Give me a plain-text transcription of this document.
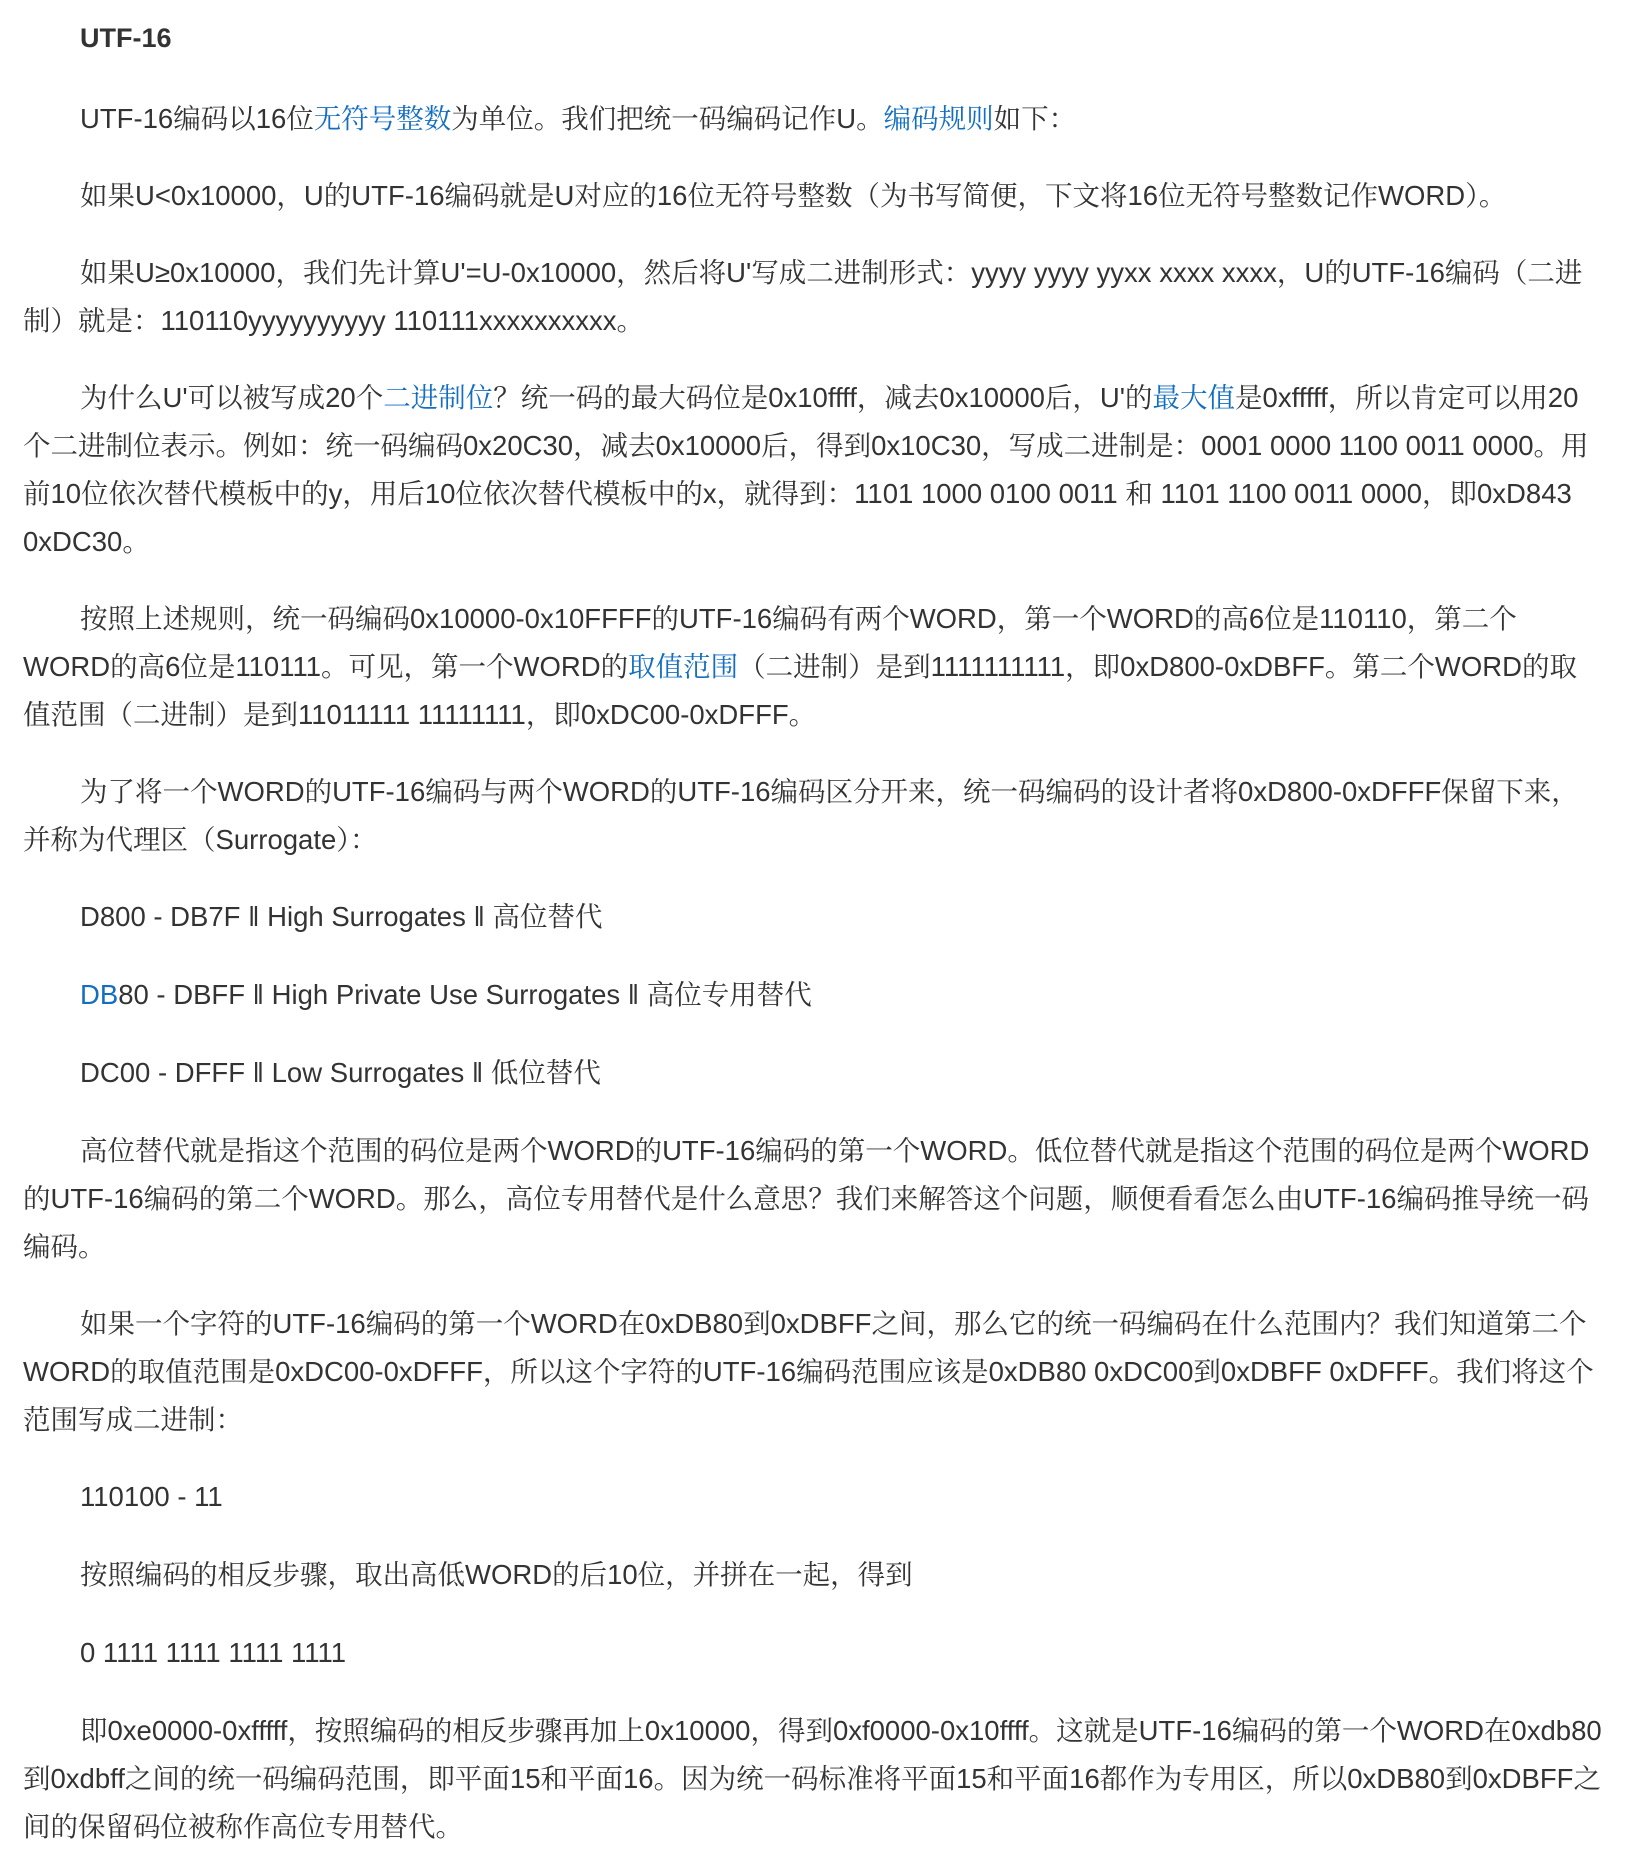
UTF-16

UTF-16编码以16位无符号整数为单位。我们把统一码编码记作U。编码规则如下：

如果U<0x10000，U的UTF-16编码就是U对应的16位无符号整数（为书写简便，下文将16位无符号整数记作WORD）。

如果U≥0x10000，我们先计算U'=U-0x10000，然后将U'写成二进制形式：yyyy yyyy yyxx xxxx xxxx，U的UTF-16编码（二进制）就是：110110yyyyyyyyyy 110111xxxxxxxxxx。

为什么U'可以被写成20个二进制位？统一码的最大码位是0x10ffff，减去0x10000后，U'的最大值是0xfffff，所以肯定可以用20个二进制位表示。例如：统一码编码0x20C30，减去0x10000后，得到0x10C30，写成二进制是：0001 0000 1100 0011 0000。用前10位依次替代模板中的y，用后10位依次替代模板中的x，就得到：1101 1000 0100 0011 和 1101 1100 0011 0000，即0xD843 0xDC30。

按照上述规则，统一码编码0x10000-0x10FFFF的UTF-16编码有两个WORD，第一个WORD的高6位是110110，第二个WORD的高6位是110111。可见，第一个WORD的取值范围（二进制）是到1111111111，即0xD800-0xDBFF。第二个WORD的取值范围（二进制）是到11011111 11111111，即0xDC00-0xDFFF。

为了将一个WORD的UTF-16编码与两个WORD的UTF-16编码区分开来，统一码编码的设计者将0xD800-0xDFFF保留下来，并称为代理区（Surrogate）：

D800 - DB7F ‖ High Surrogates ‖ 高位替代

DB80 - DBFF ‖ High Private Use Surrogates ‖ 高位专用替代

DC00 - DFFF ‖ Low Surrogates ‖ 低位替代

高位替代就是指这个范围的码位是两个WORD的UTF-16编码的第一个WORD。低位替代就是指这个范围的码位是两个WORD的UTF-16编码的第二个WORD。那么，高位专用替代是什么意思？我们来解答这个问题，顺便看看怎么由UTF-16编码推导统一码编码。

如果一个字符的UTF-16编码的第一个WORD在0xDB80到0xDBFF之间，那么它的统一码编码在什么范围内？我们知道第二个WORD的取值范围是0xDC00-0xDFFF，所以这个字符的UTF-16编码范围应该是0xDB80 0xDC00到0xDBFF 0xDFFF。我们将这个范围写成二进制：

110100 - 11

按照编码的相反步骤，取出高低WORD的后10位，并拼在一起，得到

0 1111 1111 1111 1111

即0xe0000-0xfffff，按照编码的相反步骤再加上0x10000，得到0xf0000-0x10ffff。这就是UTF-16编码的第一个WORD在0xdb80到0xdbff之间的统一码编码范围，即平面15和平面16。因为统一码标准将平面15和平面16都作为专用区，所以0xDB80到0xDBFF之间的保留码位被称作高位专用替代。
